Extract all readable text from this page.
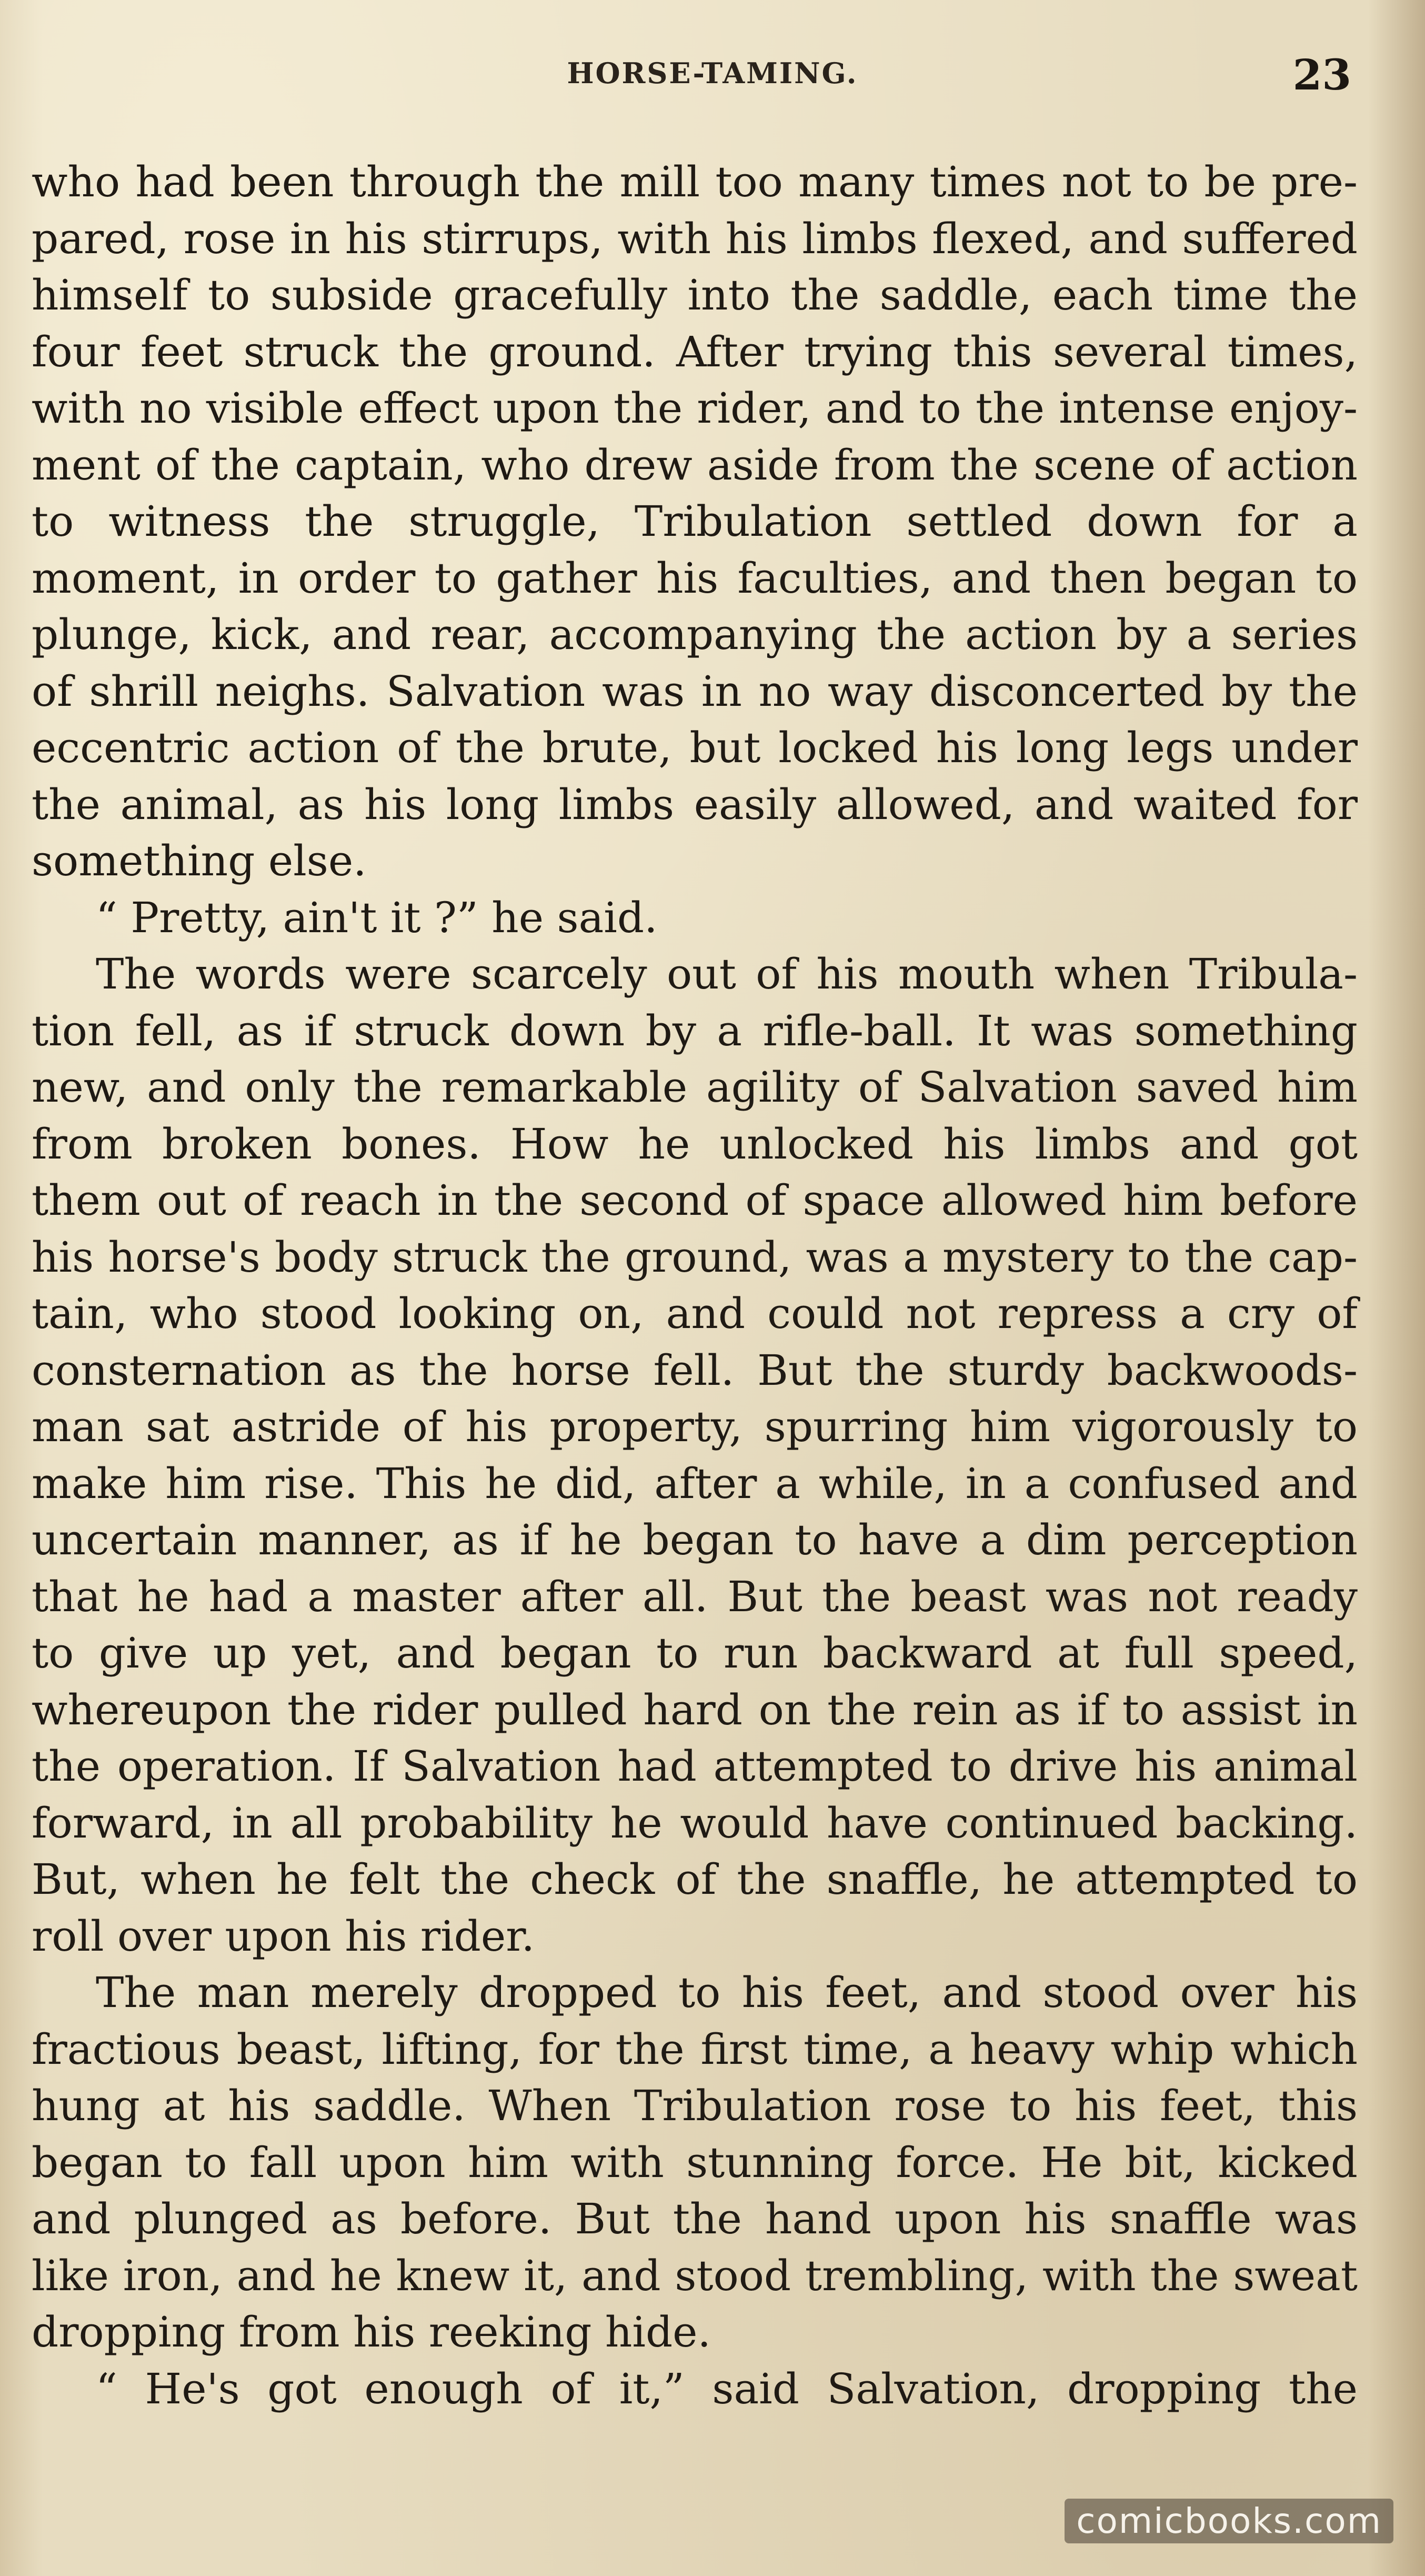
HORSE-TAMING.	23
who had been through the mill too many times not to be pre-
pared, rose in his stirrups, with his limbs flexed, and suffered
himself to subside gracefully into the saddle, each time the
four feet struck the ground. After trying this several times,
with no visible effect upon the rider, and to the intense enjoy-
ment of the captain, who drew aside from the scene of action
to witness the struggle, Tribulation settled down for a
moment, in order to gather his faculties, and then began to
plunge, kick, and rear, accompanying the action by a series
of shrill neighs. Salvation was in no way disconcerted by the
eccentric action of the brute, but locked his long legs under
the animal, as his long limbs easily allowed, and waited for
something else.
“ Pretty, ain't it ?” he said.
The words were scarcely out of his mouth when Tribula-
tion fell, as if struck down by a rifle-ball. It was something
new, and only the remarkable agility of Salvation saved him
from broken bones. How he unlocked his limbs and got
them out of reach in the second of space allowed him before
his horse's body struck the ground, was a mystery to the cap-
tain, who stood looking on, and could not repress a cry of
consternation as the horse fell. But the sturdy backwoods-
man sat astride of his property, spurring him vigorously to
make him rise. This he did, after a while, in a confused and
uncertain manner, as if he began to have a dim perception
that he had a master after all. But the beast was not ready
to give up yet, and began to run backward at full speed,
whereupon the rider pulled hard on the rein as if to assist in
the operation. If Salvation had attempted to drive his animal
forward, in all probability he would have continued backing.
But, when he felt the check of the snaffle, he attempted to
roll over upon his rider.
The man merely dropped to his feet, and stood over his
fractious beast, lifting, for the first time, a heavy whip which
hung at his saddle. When Tribulation rose to his feet, this
began to fall upon him with stunning force. He bit, kicked
and plunged as before. But the hand upon his snaffle was
like iron, and he knew it, and stood trembling, with the sweat
dropping from his reeking hide.
“ He's got enough of it,” said Salvation, dropping the
comicbooks.com
